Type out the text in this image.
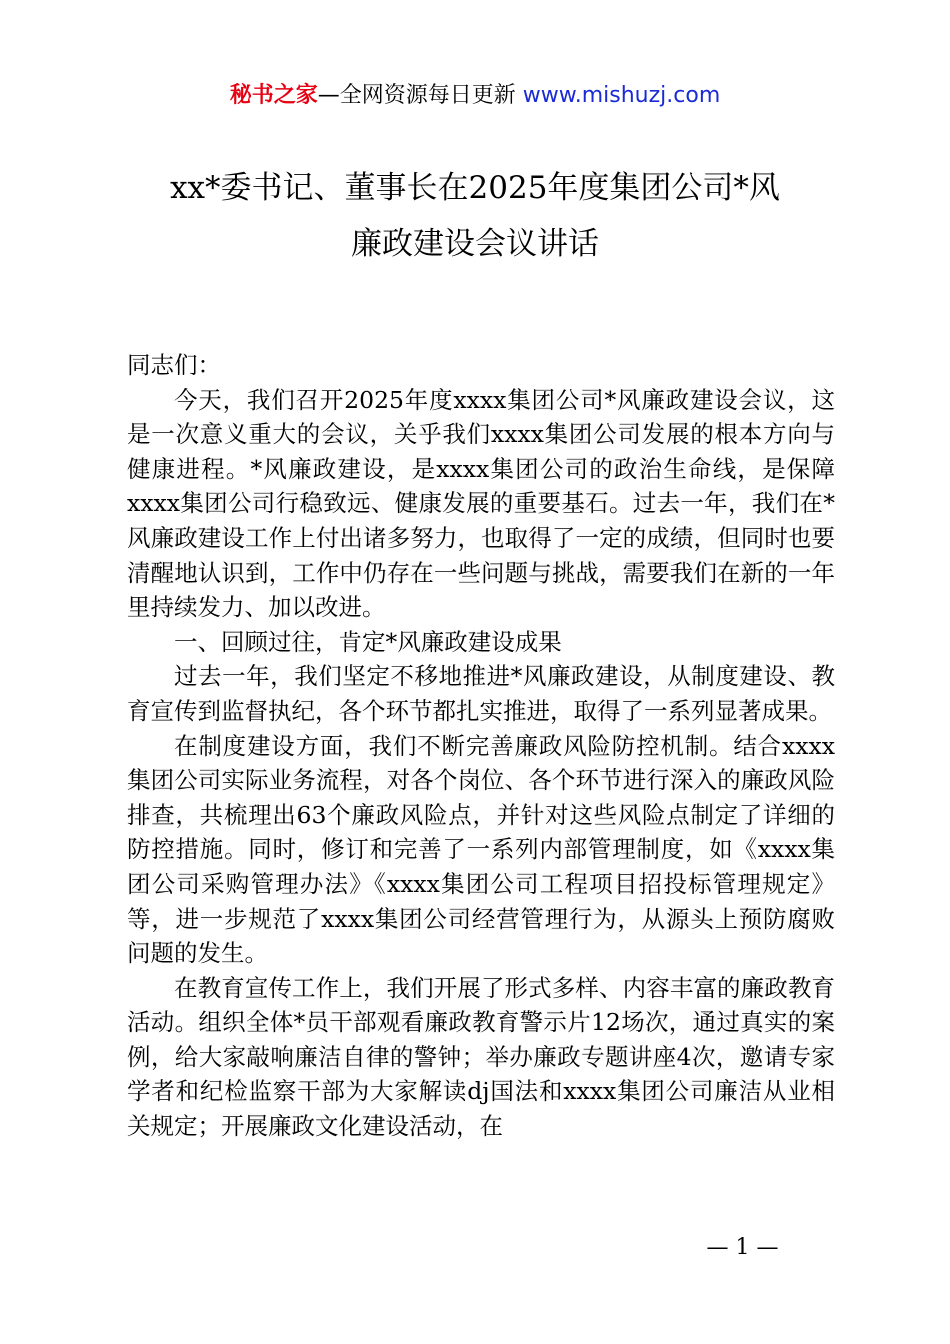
秘书之家—全网资源每日更新 www.mishuzj.com
xx*委书记、董事长在2025年度集团公司*风
廉政建设会议讲话

同志们：

今天，我们召开2025年度xxxx集团公司*风廉政建设会议，这是一次意义重大的会议，关乎我们xxxx集团公司发展的根本方向与健康进程。*风廉政建设，是xxxx集团公司的政治生命线，是保障xxxx集团公司行稳致远、健康发展的重要基石。过去一年，我们在*风廉政建设工作上付出诸多努力，也取得了一定的成绩，但同时也要清醒地认识到，工作中仍存在一些问题与挑战，需要我们在新的一年里持续发力、加以改进。

一、回顾过往，肯定*风廉政建设成果

过去一年，我们坚定不移地推进*风廉政建设，从制度建设、教育宣传到监督执纪，各个环节都扎实推进，取得了一系列显著成果。

在制度建设方面，我们不断完善廉政风险防控机制。结合xxxx集团公司实际业务流程，对各个岗位、各个环节进行深入的廉政风险排查，共梳理出63个廉政风险点，并针对这些风险点制定了详细的防控措施。同时，修订和完善了一系列内部管理制度，如《xxxx集团公司采购管理办法》《xxxx集团公司工程项目招投标管理规定》等，进一步规范了xxxx集团公司经营管理行为，从源头上预防腐败问题的发生。

在教育宣传工作上，我们开展了形式多样、内容丰富的廉政教育活动。组织全体*员干部观看廉政教育警示片12场次，通过真实的案例，给大家敲响廉洁自律的警钟；举办廉政专题讲座4次，邀请专家学者和纪检监察干部为大家解读dj国法和xxxx集团公司廉洁从业相关规定；开展廉政文化建设活动，在

— 1 —
